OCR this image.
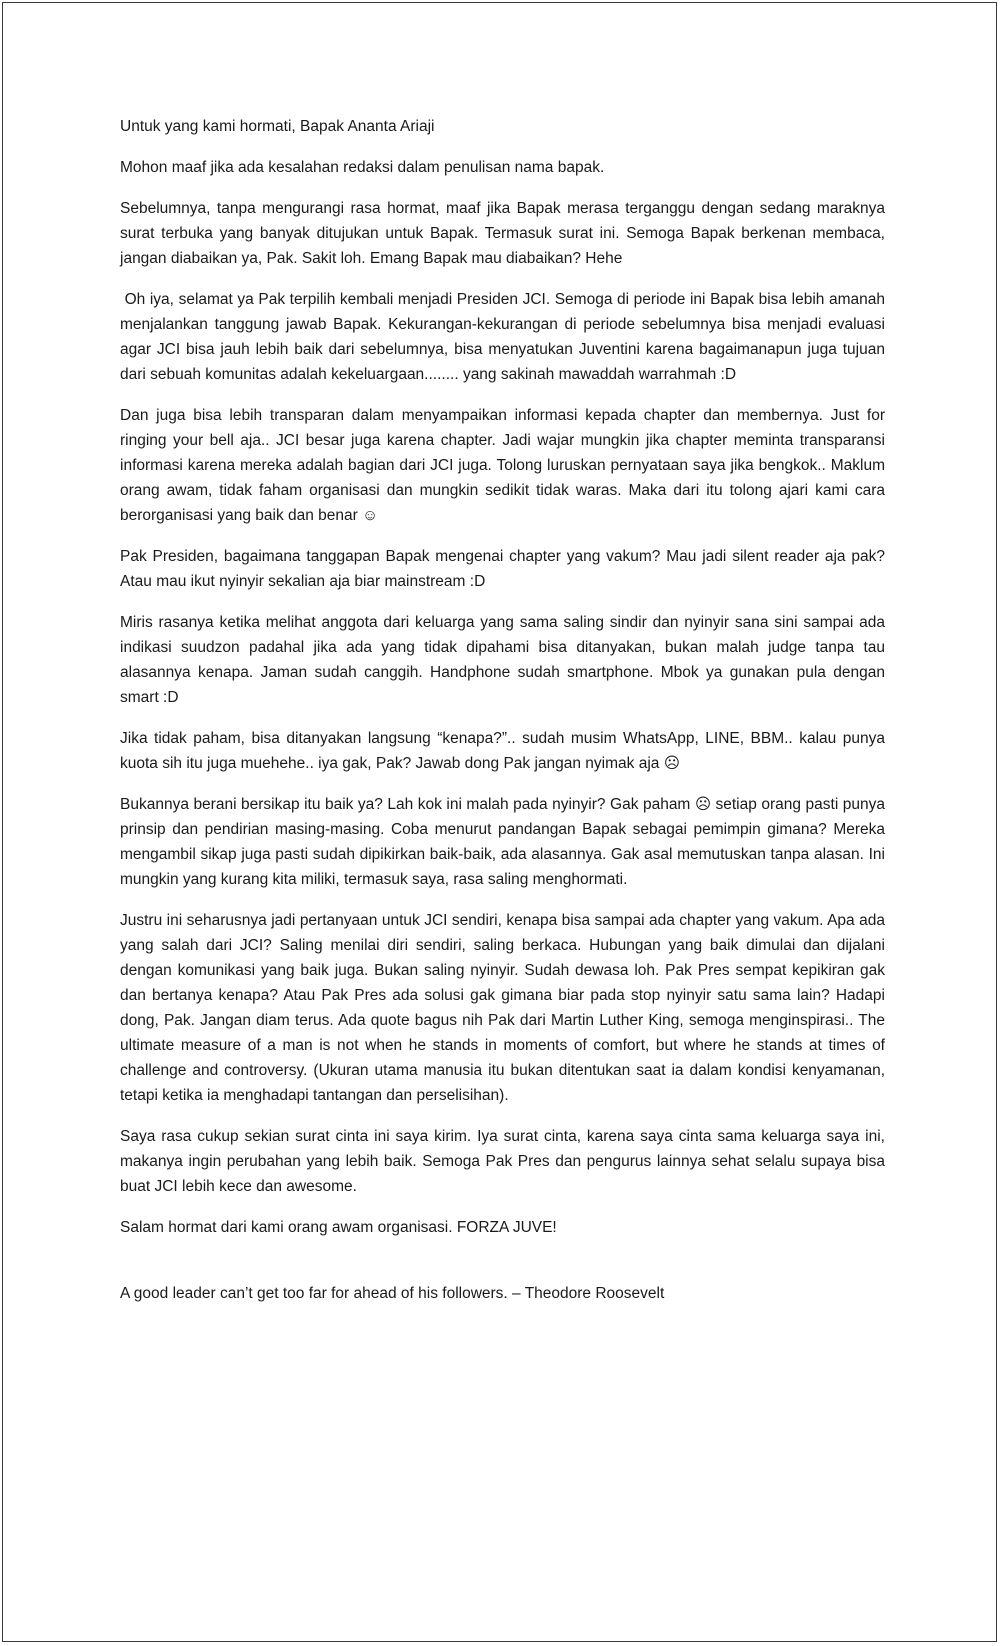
Untuk yang kami hormati, Bapak Ananta Ariaji

Mohon maaf jika ada kesalahan redaksi dalam penulisan nama bapak.

Sebelumnya, tanpa mengurangi rasa hormat, maaf jika Bapak merasa terganggu dengan sedang maraknya surat terbuka yang banyak ditujukan untuk Bapak. Termasuk surat ini. Semoga Bapak berkenan membaca, jangan diabaikan ya, Pak. Sakit loh. Emang Bapak mau diabaikan? Hehe

Oh iya, selamat ya Pak terpilih kembali menjadi Presiden JCI. Semoga di periode ini Bapak bisa lebih amanah menjalankan tanggung jawab Bapak. Kekurangan-kekurangan di periode sebelumnya bisa menjadi evaluasi agar JCI bisa jauh lebih baik dari sebelumnya, bisa menyatukan Juventini karena bagaimanapun juga tujuan dari sebuah komunitas adalah kekeluargaan........ yang sakinah mawaddah warrahmah :D

Dan juga bisa lebih transparan dalam menyampaikan informasi kepada chapter dan membernya. Just for ringing your bell aja.. JCI besar juga karena chapter. Jadi wajar mungkin jika chapter meminta transparansi informasi karena mereka adalah bagian dari JCI juga. Tolong luruskan pernyataan saya jika bengkok.. Maklum orang awam, tidak faham organisasi dan mungkin sedikit tidak waras. Maka dari itu tolong ajari kami cara berorganisasi yang baik dan benar ☺

Pak Presiden, bagaimana tanggapan Bapak mengenai chapter yang vakum? Mau jadi silent reader aja pak? Atau mau ikut nyinyir sekalian aja biar mainstream :D

Miris rasanya ketika melihat anggota dari keluarga yang sama saling sindir dan nyinyir sana sini sampai ada indikasi suudzon padahal jika ada yang tidak dipahami bisa ditanyakan, bukan malah judge tanpa tau alasannya kenapa. Jaman sudah canggih. Handphone sudah smartphone. Mbok ya gunakan pula dengan smart :D

Jika tidak paham, bisa ditanyakan langsung “kenapa?”.. sudah musim WhatsApp, LINE, BBM.. kalau punya kuota sih itu juga muehehe.. iya gak, Pak? Jawab dong Pak jangan nyimak aja ☹

Bukannya berani bersikap itu baik ya? Lah kok ini malah pada nyinyir? Gak paham ☹ setiap orang pasti punya prinsip dan pendirian masing-masing. Coba menurut pandangan Bapak sebagai pemimpin gimana? Mereka mengambil sikap juga pasti sudah dipikirkan baik-baik, ada alasannya. Gak asal memutuskan tanpa alasan. Ini mungkin yang kurang kita miliki, termasuk saya, rasa saling menghormati.

Justru ini seharusnya jadi pertanyaan untuk JCI sendiri, kenapa bisa sampai ada chapter yang vakum. Apa ada yang salah dari JCI? Saling menilai diri sendiri, saling berkaca. Hubungan yang baik dimulai dan dijalani dengan komunikasi yang baik juga. Bukan saling nyinyir. Sudah dewasa loh. Pak Pres sempat kepikiran gak dan bertanya kenapa? Atau Pak Pres ada solusi gak gimana biar pada stop nyinyir satu sama lain? Hadapi dong, Pak. Jangan diam terus. Ada quote bagus nih Pak dari Martin Luther King, semoga menginspirasi.. The ultimate measure of a man is not when he stands in moments of comfort, but where he stands at times of challenge and controversy. (Ukuran utama manusia itu bukan ditentukan saat ia dalam kondisi kenyamanan, tetapi ketika ia menghadapi tantangan dan perselisihan).

Saya rasa cukup sekian surat cinta ini saya kirim. Iya surat cinta, karena saya cinta sama keluarga saya ini, makanya ingin perubahan yang lebih baik. Semoga Pak Pres dan pengurus lainnya sehat selalu supaya bisa buat JCI lebih kece dan awesome.

Salam hormat dari kami orang awam organisasi. FORZA JUVE!

A good leader can’t get too far for ahead of his followers. – Theodore Roosevelt
